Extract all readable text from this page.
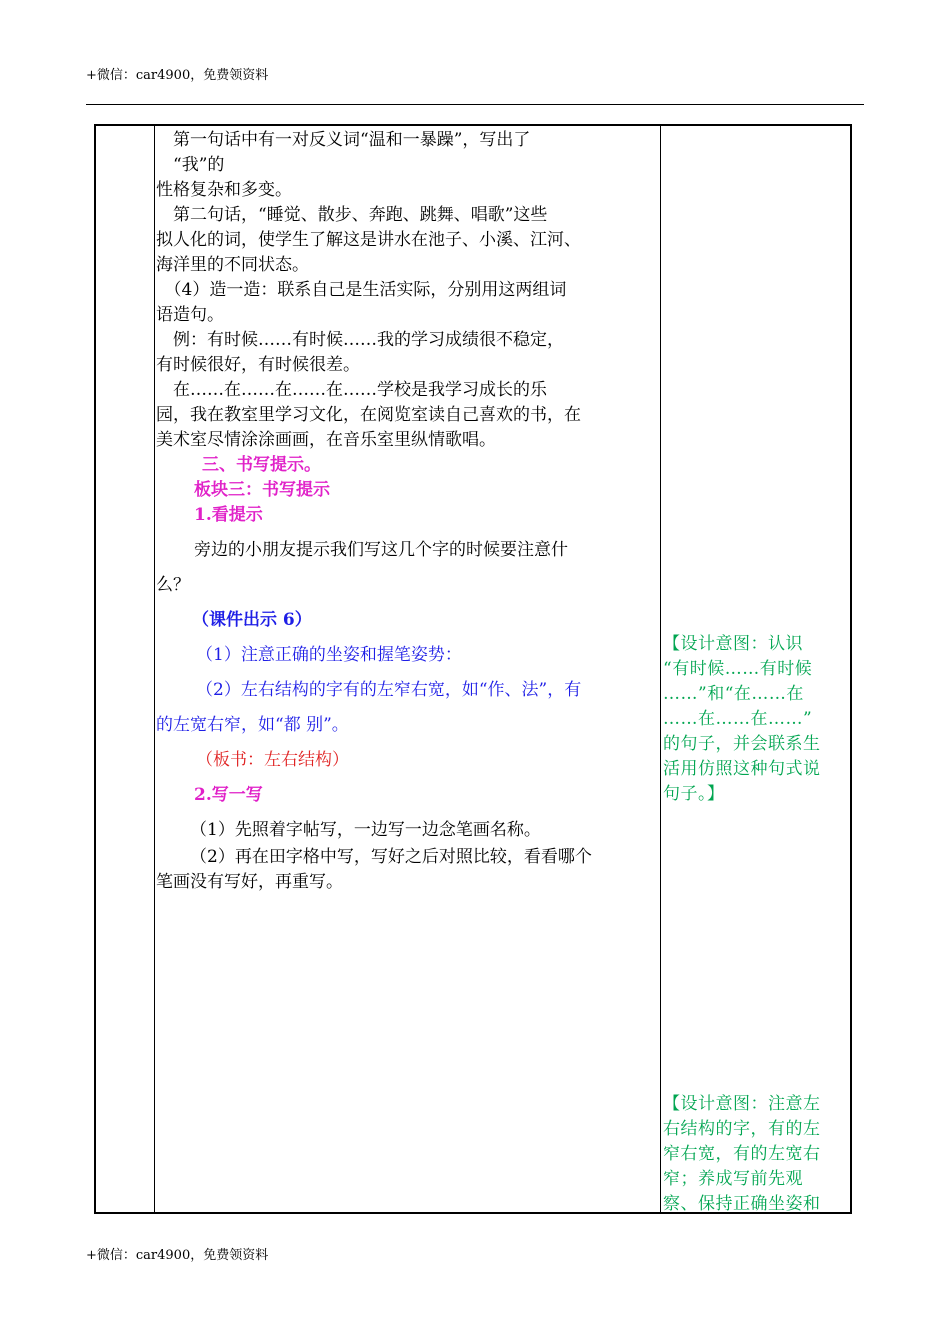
+微信：car4900，免费领资料

　第一句话中有一对反义词“温和一暴躁”，写出了

　“我”的

性格复杂和多变。

　第二句话，“睡觉、散步、奔跑、跳舞、唱歌”这些

拟人化的词，使学生了解这是讲水在池子、小溪、江河、

海洋里的不同状态。

　（4）造一造：联系自己是生活实际，分别用这两组词

语造句。

　例：有时候……有时候……我的学习成绩很不稳定，

有时候很好，有时候很差。

　在……在……在……在……学校是我学习成长的乐

园，我在教室里学习文化，在阅览室读自己喜欢的书，在

美术室尽情涂涂画画，在音乐室里纵情歌唱。

三、书写提示。

板块三：书写提示

1.看提示

旁边的小朋友提示我们写这几个字的时候要注意什

么？

（课件出示 6）

（1）注意正确的坐姿和握笔姿势：

（2）左右结构的字有的左窄右宽，如“作、法”，有

的左宽右窄，如“都 别”。

（板书：左右结构）

2.写一写

（1）先照着字帖写，一边写一边念笔画名称。

（2）再在田字格中写，写好之后对照比较，看看哪个

笔画没有写好，再重写。

【设计意图：认识

“有时候……有时候

……”和“在……在

……在……在……”

的句子，并会联系生

活用仿照这种句式说

句子。】

【设计意图：注意左

右结构的字，有的左

窄右宽，有的左宽右

窄；养成写前先观

察、保持正确坐姿和

+微信：car4900，免费领资料
